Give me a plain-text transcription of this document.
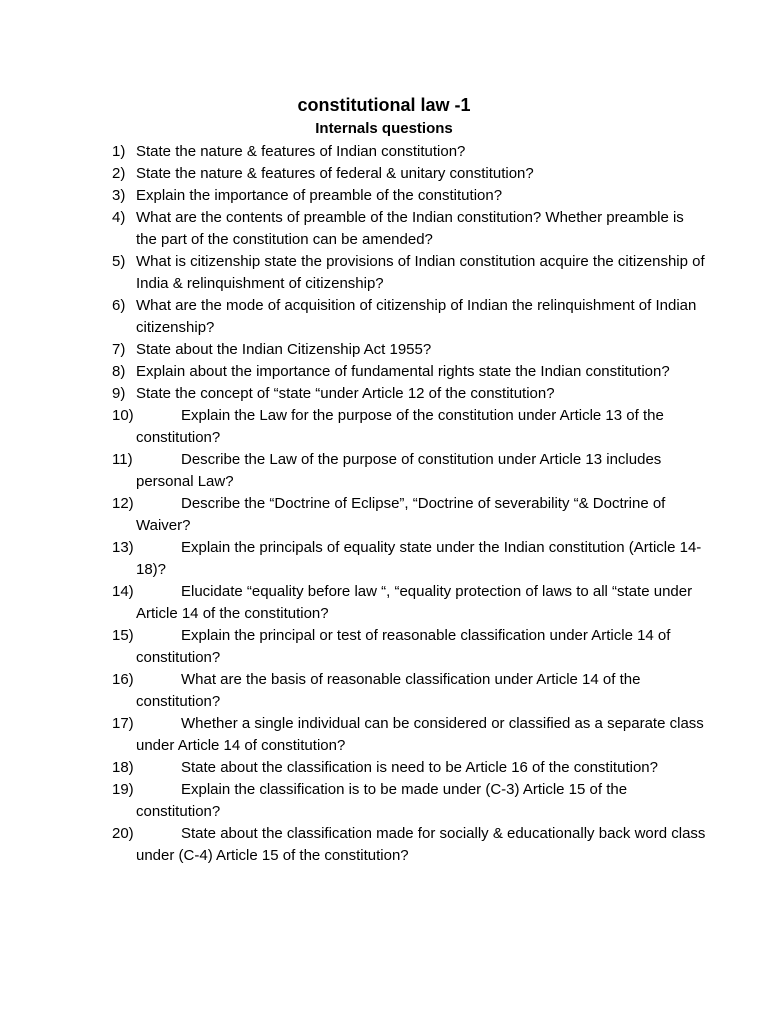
constitutional law -1
Internals questions
1) State the nature & features of Indian constitution?
2) State the nature & features of federal & unitary constitution?
3) Explain the importance of preamble of the constitution?
4) What are the contents of preamble of the Indian constitution? Whether preamble is the part of the constitution can be amended?
5) What is citizenship state the provisions of Indian constitution acquire the citizenship of India & relinquishment of citizenship?
6) What are the mode of acquisition of citizenship of Indian the relinquishment of Indian citizenship?
7) State about the Indian Citizenship Act 1955?
8) Explain about the importance of fundamental rights state the Indian constitution?
9) State the concept of “state “under Article 12 of the constitution?
10)	Explain the Law for the purpose of the constitution under Article 13 of the constitution?
11)	Describe the Law of the purpose of constitution under Article 13 includes personal Law?
12)	Describe the “Doctrine of Eclipse”, “Doctrine of severability “& Doctrine of Waiver?
13)	Explain the principals of equality state under the Indian constitution (Article 14-18)?
14)	Elucidate “equality before law “, “equality protection of laws to all “state under Article 14 of the constitution?
15)	Explain the principal or test of reasonable classification under Article 14 of constitution?
16)	What are the basis of reasonable classification under Article 14 of the constitution?
17)	Whether a single individual can be considered or classified as a separate class under Article 14 of constitution?
18)	State about the classification is need to be Article 16 of the constitution?
19)	Explain the classification is to be made under (C-3) Article 15 of the constitution?
20)	State about the classification made for socially & educationally back word class under (C-4) Article 15 of the constitution?
